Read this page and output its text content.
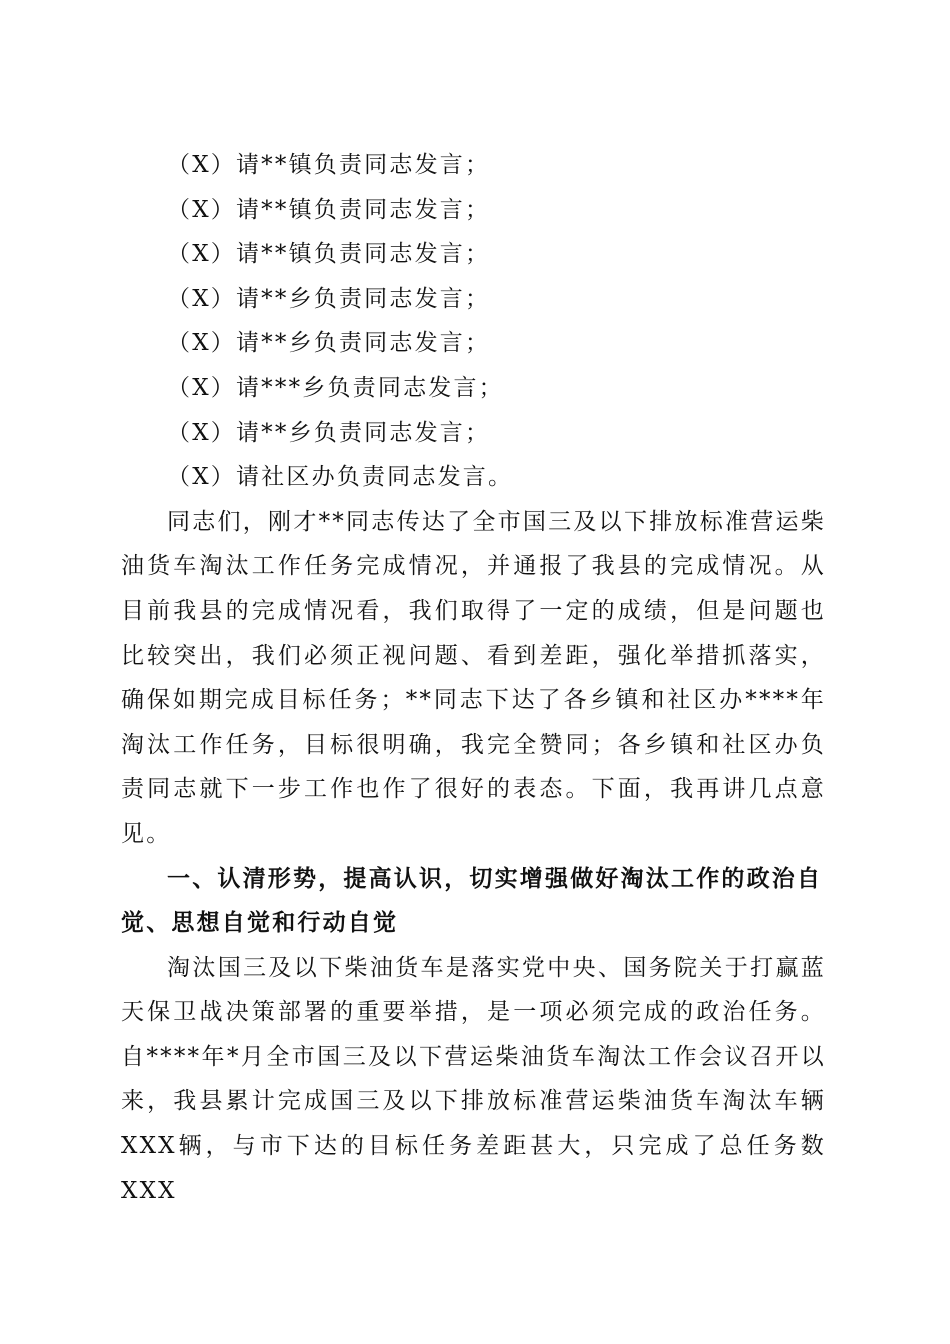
（X）请**镇负责同志发言；
（X）请**镇负责同志发言；
（X）请**镇负责同志发言；
（X）请**乡负责同志发言；
（X）请**乡负责同志发言；
（X）请***乡负责同志发言；
（X）请**乡负责同志发言；
（X）请社区办负责同志发言。

同志们，刚才**同志传达了全市国三及以下排放标准营运柴油货车淘汰工作任务完成情况，并通报了我县的完成情况。从目前我县的完成情况看，我们取得了一定的成绩，但是问题也比较突出，我们必须正视问题、看到差距，强化举措抓落实，确保如期完成目标任务；**同志下达了各乡镇和社区办****年淘汰工作任务，目标很明确，我完全赞同；各乡镇和社区办负责同志就下一步工作也作了很好的表态。下面，我再讲几点意见。

一、认清形势，提高认识，切实增强做好淘汰工作的政治自觉、思想自觉和行动自觉

淘汰国三及以下柴油货车是落实党中央、国务院关于打赢蓝天保卫战决策部署的重要举措，是一项必须完成的政治任务。自****年*月全市国三及以下营运柴油货车淘汰工作会议召开以来，我县累计完成国三及以下排放标准营运柴油货车淘汰车辆XXX辆，与市下达的目标任务差距甚大，只完成了总任务数XXX
